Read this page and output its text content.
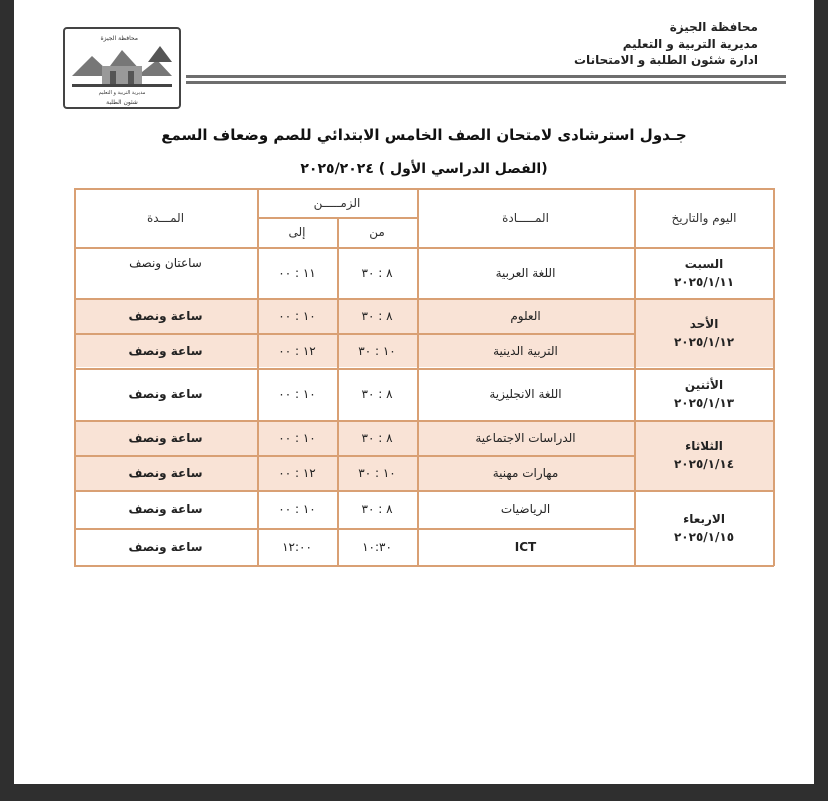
محافظة الجيزة
مديرية التربية و التعليم
ادارة شئون الطلبة و الامتحانات
محافظة الجيزة
مديرية التربية و التعليم
شئون الطلبة
جـدول استرشادى لامتحان الصف الخامس الابتدائي للصم وضعاف السمع
(الفصل الدراسي الأول ) ٢٠٢٥/٢٠٢٤
اليوم والتاريخ
المـــــادة
الزمـــــن
من
إلى
المـــدة
السبت
٢٠٢٥/١/١١
الأحد
٢٠٢٥/١/١٢
الأثنين
٢٠٢٥/١/١٣
الثلاثاء
٢٠٢٥/١/١٤
الاربعاء
٢٠٢٥/١/١٥
اللغة العربية
٨ : ٣٠
١١ : ٠٠
ساعتان ونصف
العلوم
٨ : ٣٠
١٠ : ٠٠
ساعة ونصف
التربية الدينية
١٠ : ٣٠
١٢ : ٠٠
ساعة ونصف
اللغة الانجليزية
٨ : ٣٠
١٠ : ٠٠
ساعة ونصف
الدراسات الاجتماعية
٨ : ٣٠
١٠ : ٠٠
ساعة ونصف
مهارات مهنية
١٠ : ٣٠
١٢ : ٠٠
ساعة ونصف
الرياضيات
٨ : ٣٠
١٠ : ٠٠
ساعة ونصف
ICT
١٠:٣٠
١٢:٠٠
ساعة ونصف
